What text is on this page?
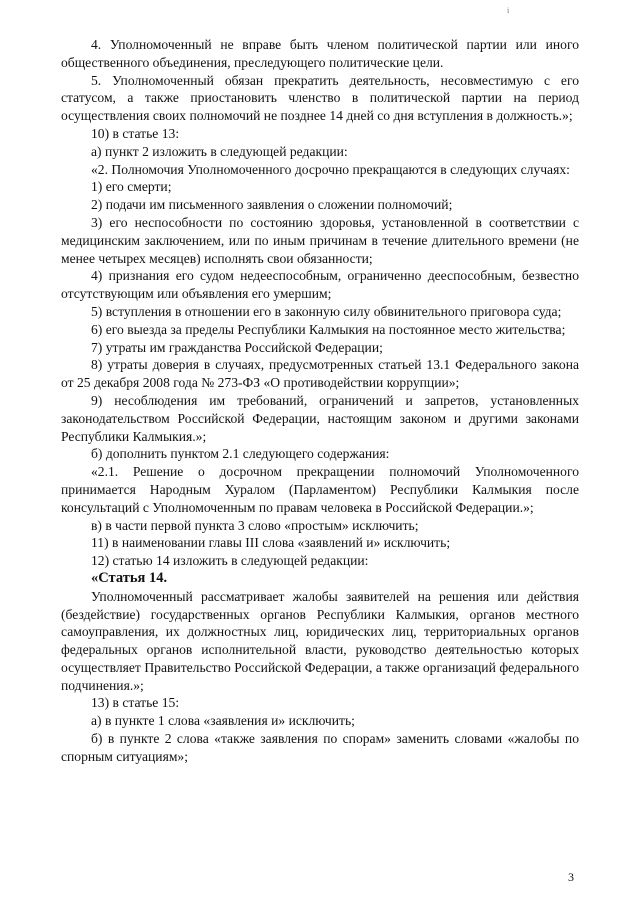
i

4. Уполномоченный не вправе быть членом политической партии или иного общественного объединения, преследующего политические цели.

5. Уполномоченный обязан прекратить деятельность, несовместимую с его статусом, а также приостановить членство в политической партии на период осуществления своих полномочий не позднее 14 дней со дня вступления в должность.»;

10) в статье 13:

а) пункт 2 изложить в следующей редакции:

«2. Полномочия Уполномоченного досрочно прекращаются в следующих случаях:

1) его смерти;

2) подачи им письменного заявления о сложении полномочий;

3) его неспособности по состоянию здоровья, установленной в соответствии с медицинским заключением, или по иным причинам в течение длительного времени (не менее четырех месяцев) исполнять свои обязанности;

4) признания его судом недееспособным, ограниченно дееспособным, безвестно отсутствующим или объявления его умершим;

5) вступления в отношении его в законную силу обвинительного приговора суда;

6) его выезда за пределы Республики Калмыкия на постоянное место жительства;

7) утраты им гражданства Российской Федерации;

8) утраты доверия в случаях, предусмотренных статьей 13.1 Федерального закона от 25 декабря 2008 года № 273-ФЗ «О противодействии коррупции»;

9) несоблюдения им требований, ограничений и запретов, установленных законодательством Российской Федерации, настоящим законом и другими законами Республики Калмыкия.»;

б) дополнить пунктом 2.1 следующего содержания:

«2.1. Решение о досрочном прекращении полномочий Уполномоченного принимается Народным Хуралом (Парламентом) Республики Калмыкия после консультаций с Уполномоченным по правам человека в Российской Федерации.»;

в) в части первой пункта 3 слово «простым» исключить;

11) в наименовании главы III слова «заявлений и» исключить;

12) статью 14 изложить в следующей редакции:

«Статья 14.

Уполномоченный рассматривает жалобы заявителей на решения или действия (бездействие) государственных органов Республики Калмыкия, органов местного самоуправления, их должностных лиц, юридических лиц, территориальных органов федеральных органов исполнительной власти, руководство деятельностью которых осуществляет Правительство Российской Федерации, а также организаций федерального подчинения.»;

13) в статье 15:

а) в пункте 1 слова «заявления и» исключить;

б) в пункте 2 слова «также заявления по спорам» заменить словами «жалобы по спорным ситуациям»;

3
